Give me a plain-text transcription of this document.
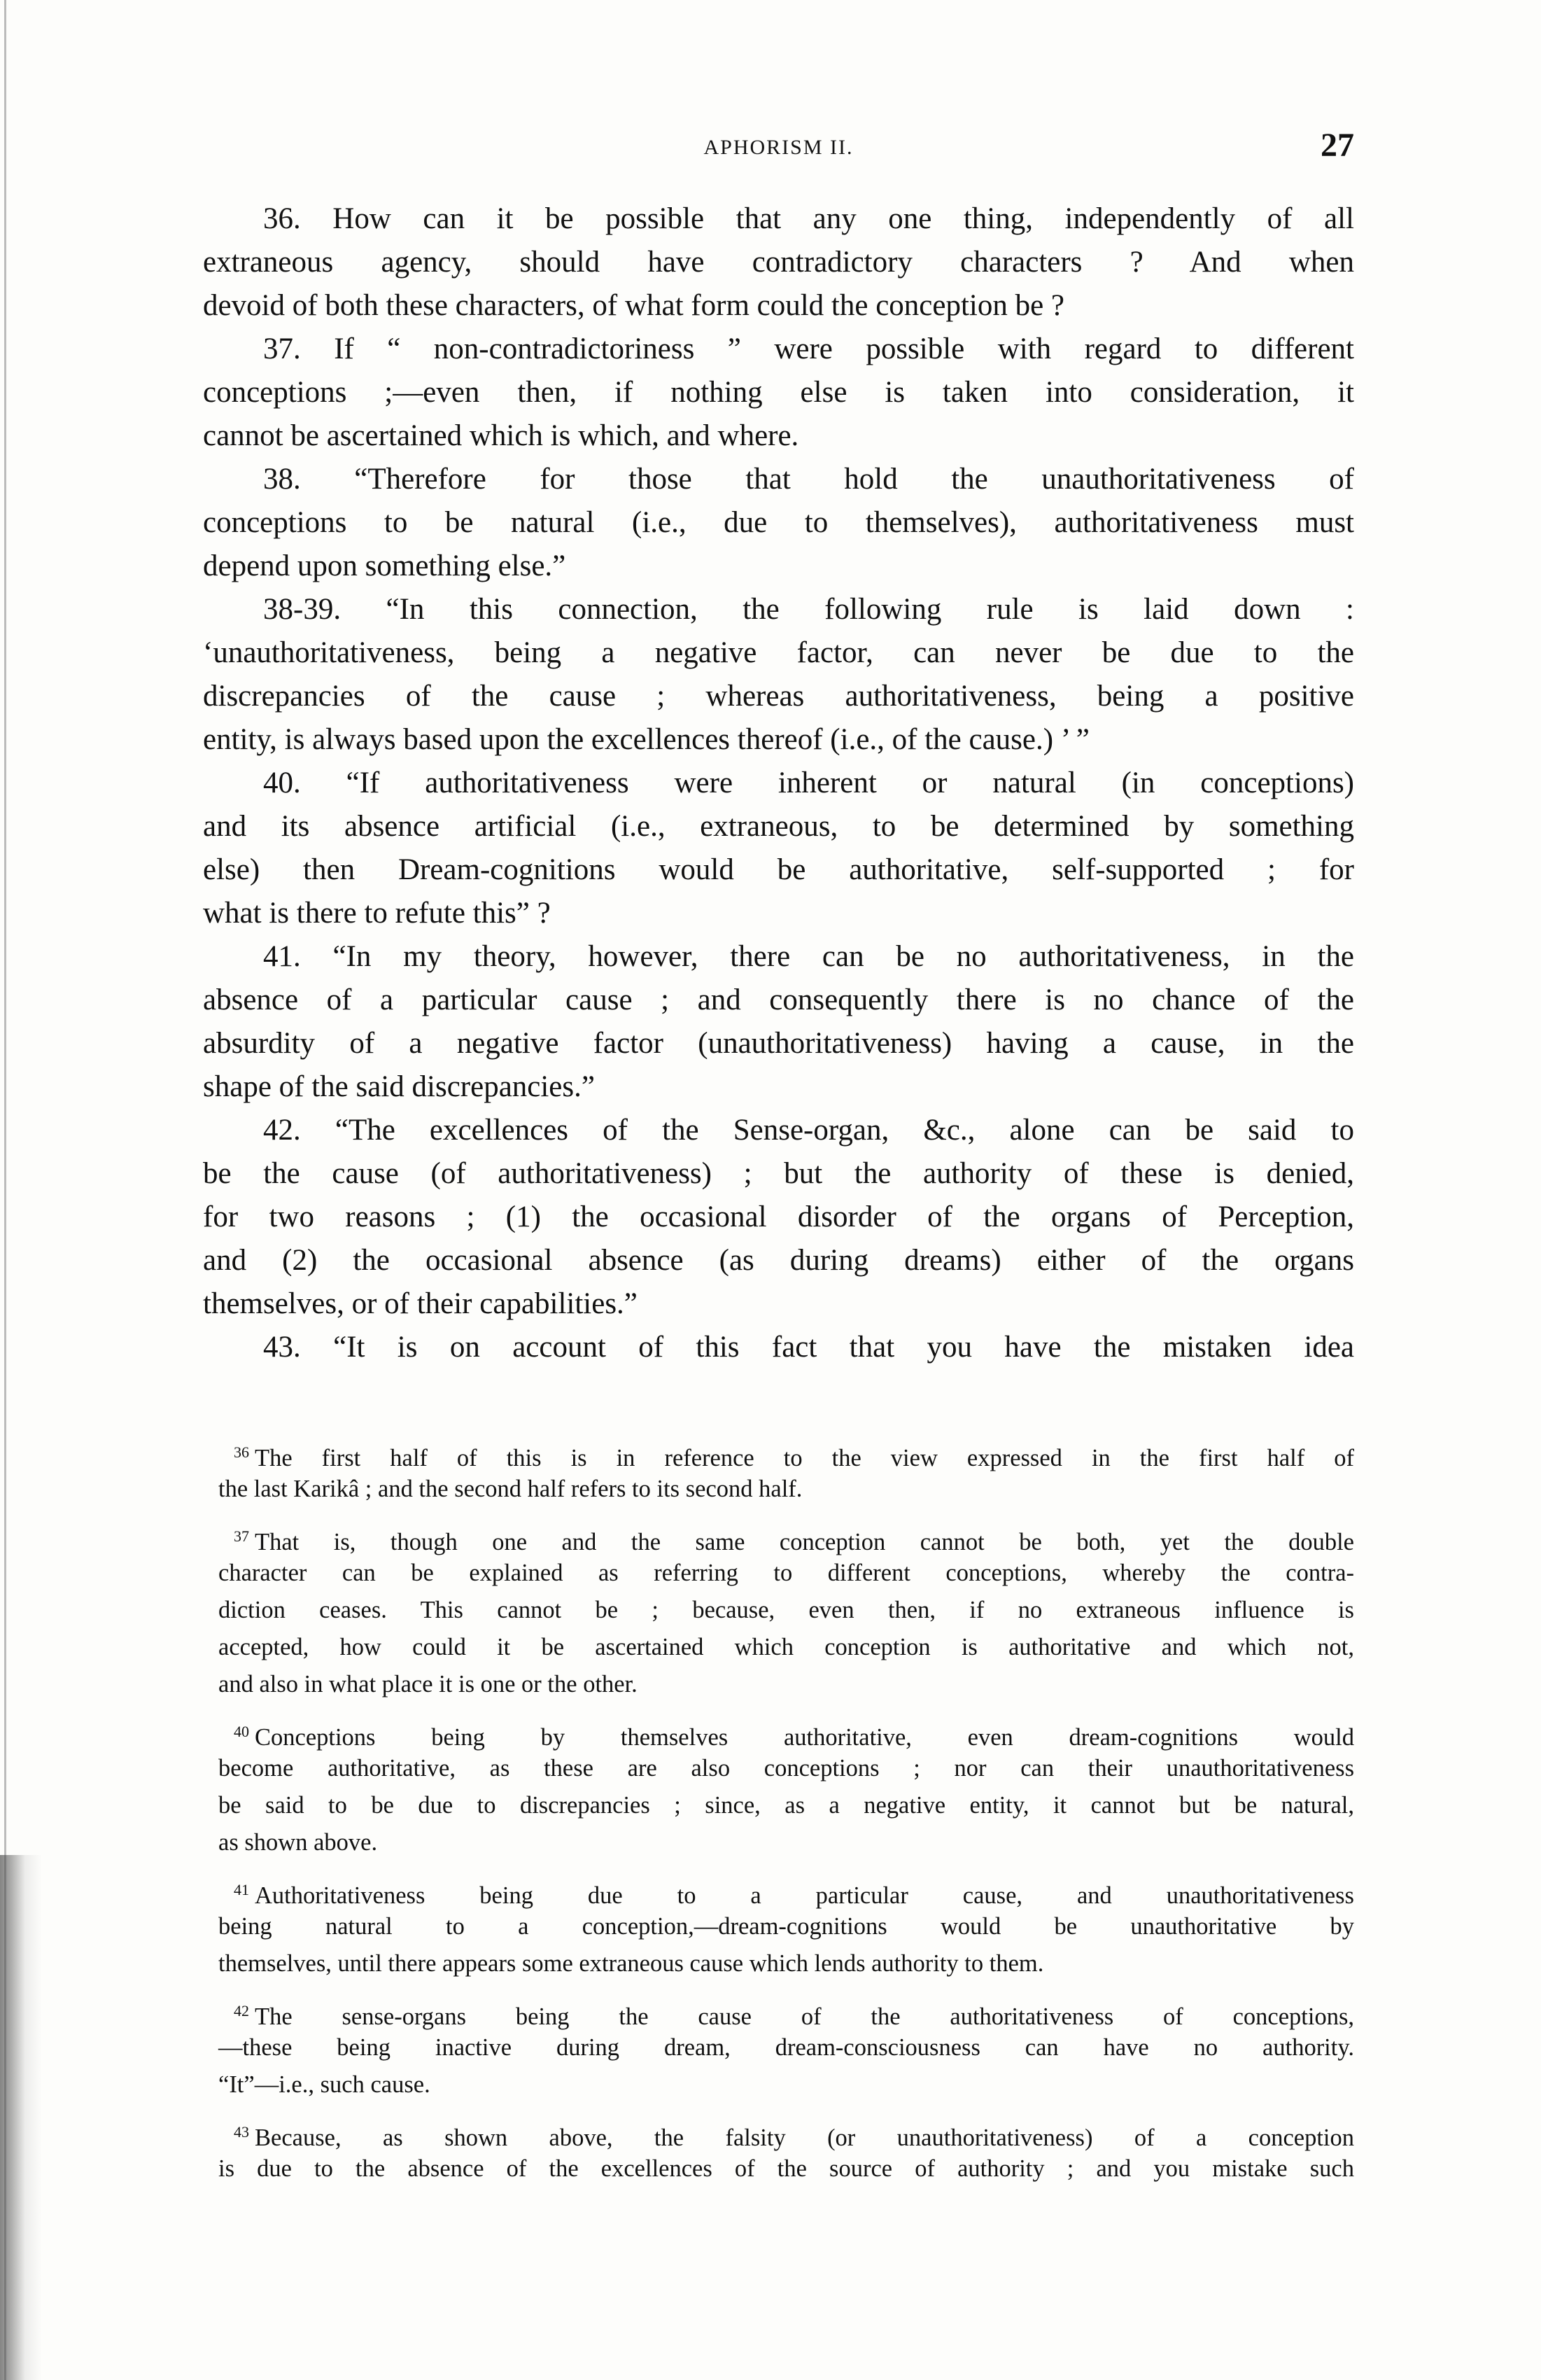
APHORISM II.	27
36. How can it be possible that any one thing, independently of all
extraneous agency, should have contradictory characters ? And when
devoid of both these characters, of what form could the conception be ?
37. If “ non-contradictoriness ” were possible with regard to different
conceptions ;—even then, if nothing else is taken into consideration, it
cannot be ascertained which is which, and where.
38. “Therefore for those that hold the unauthoritativeness of
conceptions to be natural (i.e., due to themselves), authoritativeness must
depend upon something else.”
38-39. “In this connection, the following rule is laid down :
‘unauthoritativeness, being a negative factor, can never be due to the
discrepancies of the cause ; whereas authoritativeness, being a positive
entity, is always based upon the excellences thereof (i.e., of the cause.) ’ ”
40. “If authoritativeness were inherent or natural (in conceptions)
and its absence artificial (i.e., extraneous, to be determined by something
else) then Dream-cognitions would be authoritative, self-supported ; for
what is there to refute this” ?
41. “In my theory, however, there can be no authoritativeness, in the
absence of a particular cause ; and consequently there is no chance of the
absurdity of a negative factor (unauthoritativeness) having a cause, in the
shape of the said discrepancies.”
42. “The excellences of the Sense-organ, &c., alone can be said to
be the cause (of authoritativeness) ; but the authority of these is denied,
for two reasons ; (1) the occasional disorder of the organs of Perception,
and (2) the occasional absence (as during dreams) either of the organs
themselves, or of their capabilities.”
43. “It is on account of this fact that you have the mistaken idea
$^{36}$ The first half of this is in reference to the view expressed in the first half of
the last Karikâ ; and the second half refers to its second half.
$^{37}$ That is, though one and the same conception cannot be both, yet the double
character can be explained as referring to different conceptions, whereby the contra-
diction ceases. This cannot be ; because, even then, if no extraneous influence is
accepted, how could it be ascertained which conception is authoritative and which not,
and also in what place it is one or the other.
$^{40}$ Conceptions being by themselves authoritative, even dream-cognitions would
become authoritative, as these are also conceptions ; nor can their unauthoritativeness
be said to be due to discrepancies ; since, as a negative entity, it cannot but be natural,
as shown above.
$^{41}$ Authoritativeness being due to a particular cause, and unauthoritativeness
being natural to a conception,—dream-cognitions would be unauthoritative by
themselves, until there appears some extraneous cause which lends authority to them.
$^{42}$ The sense-organs being the cause of the authoritativeness of conceptions,
—these being inactive during dream, dream-consciousness can have no authority.
“It”—i.e., such cause.
$^{43}$ Because, as shown above, the falsity (or unauthoritativeness) of a conception
is due to the absence of the excellences of the source of authority ; and you mistake such
